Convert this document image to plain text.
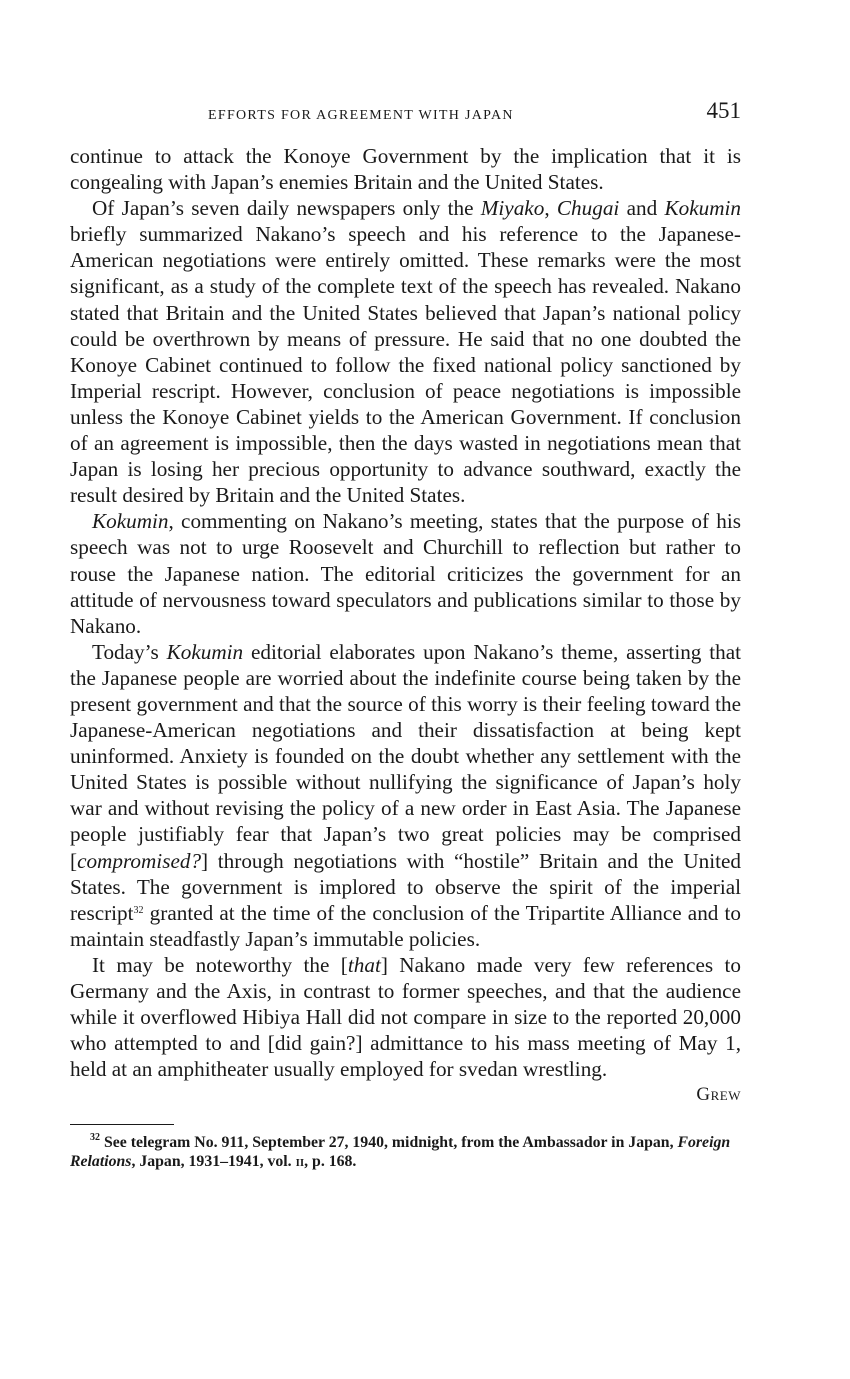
EFFORTS FOR AGREEMENT WITH JAPAN	451

continue to attack the Konoye Government by the implication that it is congealing with Japan’s enemies Britain and the United States.

Of Japan’s seven daily newspapers only the Miyako, Chugai and Kokumin briefly summarized Nakano’s speech and his reference to the Japanese-American negotiations were entirely omitted. These remarks were the most significant, as a study of the complete text of the speech has revealed. Nakano stated that Britain and the United States believed that Japan’s national policy could be overthrown by means of pressure. He said that no one doubted the Konoye Cabinet continued to follow the fixed national policy sanctioned by Imperial rescript. However, conclusion of peace negotiations is impossible unless the Konoye Cabinet yields to the American Government. If conclusion of an agreement is impossible, then the days wasted in negotiations mean that Japan is losing her precious opportunity to advance southward, exactly the result desired by Britain and the United States.

Kokumin, commenting on Nakano’s meeting, states that the purpose of his speech was not to urge Roosevelt and Churchill to reflection but rather to rouse the Japanese nation. The editorial criticizes the government for an attitude of nervousness toward speculators and publications similar to those by Nakano.

Today’s Kokumin editorial elaborates upon Nakano’s theme, asserting that the Japanese people are worried about the indefinite course being taken by the present government and that the source of this worry is their feeling toward the Japanese-American negotiations and their dissatisfaction at being kept uninformed. Anxiety is founded on the doubt whether any settlement with the United States is possible without nullifying the significance of Japan’s holy war and without revising the policy of a new order in East Asia. The Japanese people justifiably fear that Japan’s two great policies may be comprised [compromised?] through negotiations with “hostile” Britain and the United States. The government is implored to observe the spirit of the imperial rescript$^{32}$ granted at the time of the conclusion of the Tripartite Alliance and to maintain steadfastly Japan’s immutable policies.

It may be noteworthy the [that] Nakano made very few references to Germany and the Axis, in contrast to former speeches, and that the audience while it overflowed Hibiya Hall did not compare in size to the reported 20,000 who attempted to and [did gain?] admittance to his mass meeting of May 1, held at an amphitheater usually employed for svedan wrestling.

Grew

$^{32}$ See telegram No. 911, September 27, 1940, midnight, from the Ambassador in Japan, Foreign Relations, Japan, 1931–1941, vol. ii, p. 168.
